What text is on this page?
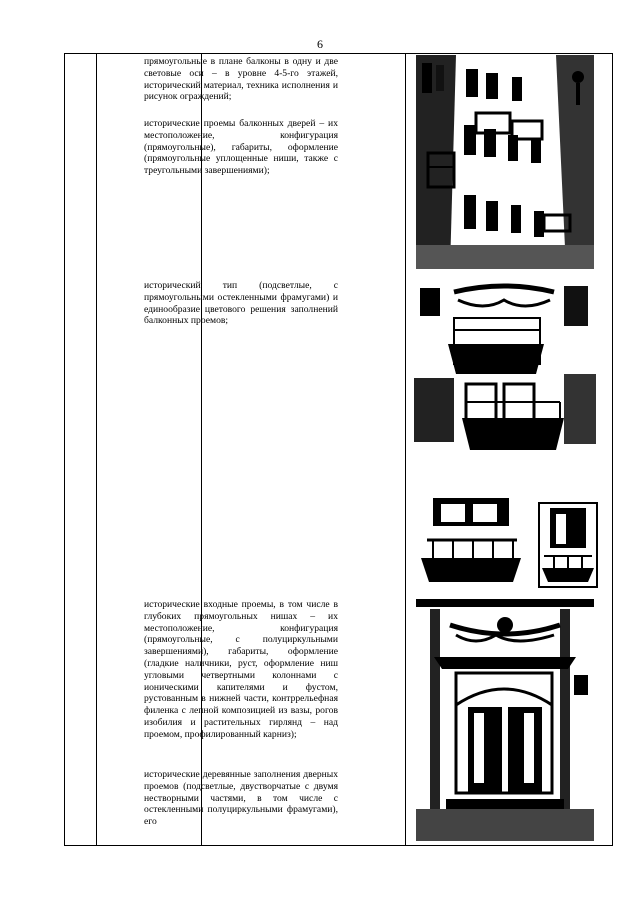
6

прямоугольные в плане балконы в одну и две световые оси – в уровне 4-5-го этажей, исторический материал, техника исполнения и рисунок ограждений;

исторические проемы балконных дверей – их местоположение, конфигурация (прямоугольные), габариты, оформление (прямоугольные уплощенные ниши, также с треугольными завершениями);

исторический тип (подсветлые, с прямоугольными остекленными фрамугами) и единообразие цветового решения заполнений балконных проемов;

исторические входные проемы, в том числе в глубоких прямоугольных нишах – их местоположение, конфигурация (прямоугольные, с полуциркульными завершениями), габариты, оформление (гладкие наличники, руст, оформление ниш угловыми четвертными колоннами с ионическими капителями и фустом, рустованным в нижней части, контррельефная филенка с лепной композицией из вазы, рогов изобилия и растительных гирлянд – над проемом, профилированный карниз);

исторические деревянные заполнения дверных проемов (подсветлые, двустворчатые с двумя нестворными частями, в том числе с остекленными полуциркульными фрамугами), его
